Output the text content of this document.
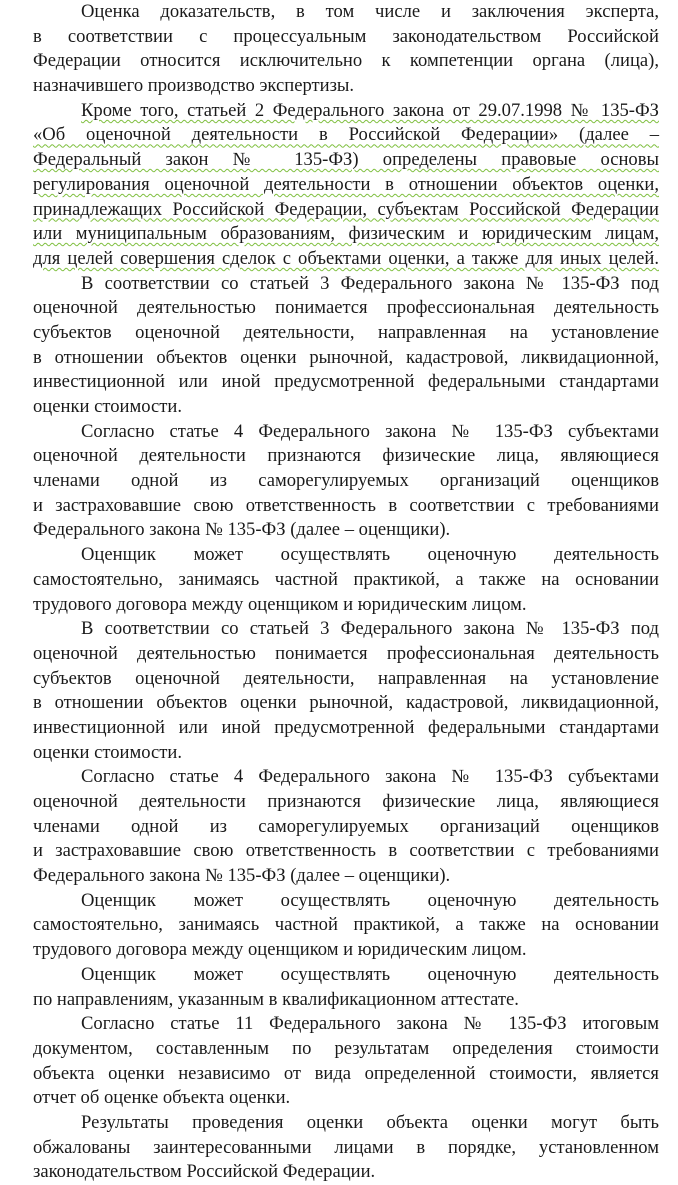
Оценка доказательств, в том числе и заключения эксперта,
в соответствии с процессуальным законодательством Российской
Федерации относится исключительно к компетенции органа (лица),
назначившего производство экспертизы.
Кроме того, статьей 2 Федерального закона от 29.07.1998 № 135-ФЗ
«Об оценочной деятельности в Российской Федерации» (далее –
Федеральный закон № 135-ФЗ) определены правовые основы
регулирования оценочной деятельности в отношении объектов оценки,
принадлежащих Российской Федерации, субъектам Российской Федерации
или муниципальным образованиям, физическим и юридическим лицам,
для целей совершения сделок с объектами оценки, а также для иных целей.
В соответствии со статьей 3 Федерального закона № 135-ФЗ под
оценочной деятельностью понимается профессиональная деятельность
субъектов оценочной деятельности, направленная на установление
в отношении объектов оценки рыночной, кадастровой, ликвидационной,
инвестиционной или иной предусмотренной федеральными стандартами
оценки стоимости.
Согласно статье 4 Федерального закона № 135-ФЗ субъектами
оценочной деятельности признаются физические лица, являющиеся
членами одной из саморегулируемых организаций оценщиков
и застраховавшие свою ответственность в соответствии с требованиями
Федерального закона № 135-ФЗ (далее – оценщики).
Оценщик может осуществлять оценочную деятельность
самостоятельно, занимаясь частной практикой, а также на основании
трудового договора между оценщиком и юридическим лицом.
В соответствии со статьей 3 Федерального закона № 135-ФЗ под
оценочной деятельностью понимается профессиональная деятельность
субъектов оценочной деятельности, направленная на установление
в отношении объектов оценки рыночной, кадастровой, ликвидационной,
инвестиционной или иной предусмотренной федеральными стандартами
оценки стоимости.
Согласно статье 4 Федерального закона № 135-ФЗ субъектами
оценочной деятельности признаются физические лица, являющиеся
членами одной из саморегулируемых организаций оценщиков
и застраховавшие свою ответственность в соответствии с требованиями
Федерального закона № 135-ФЗ (далее – оценщики).
Оценщик может осуществлять оценочную деятельность
самостоятельно, занимаясь частной практикой, а также на основании
трудового договора между оценщиком и юридическим лицом.
Оценщик может осуществлять оценочную деятельность
по направлениям, указанным в квалификационном аттестате.
Согласно статье 11 Федерального закона № 135-ФЗ итоговым
документом, составленным по результатам определения стоимости
объекта оценки независимо от вида определенной стоимости, является
отчет об оценке объекта оценки.
Результаты проведения оценки объекта оценки могут быть
обжалованы заинтересованными лицами в порядке, установленном
законодательством Российской Федерации.
